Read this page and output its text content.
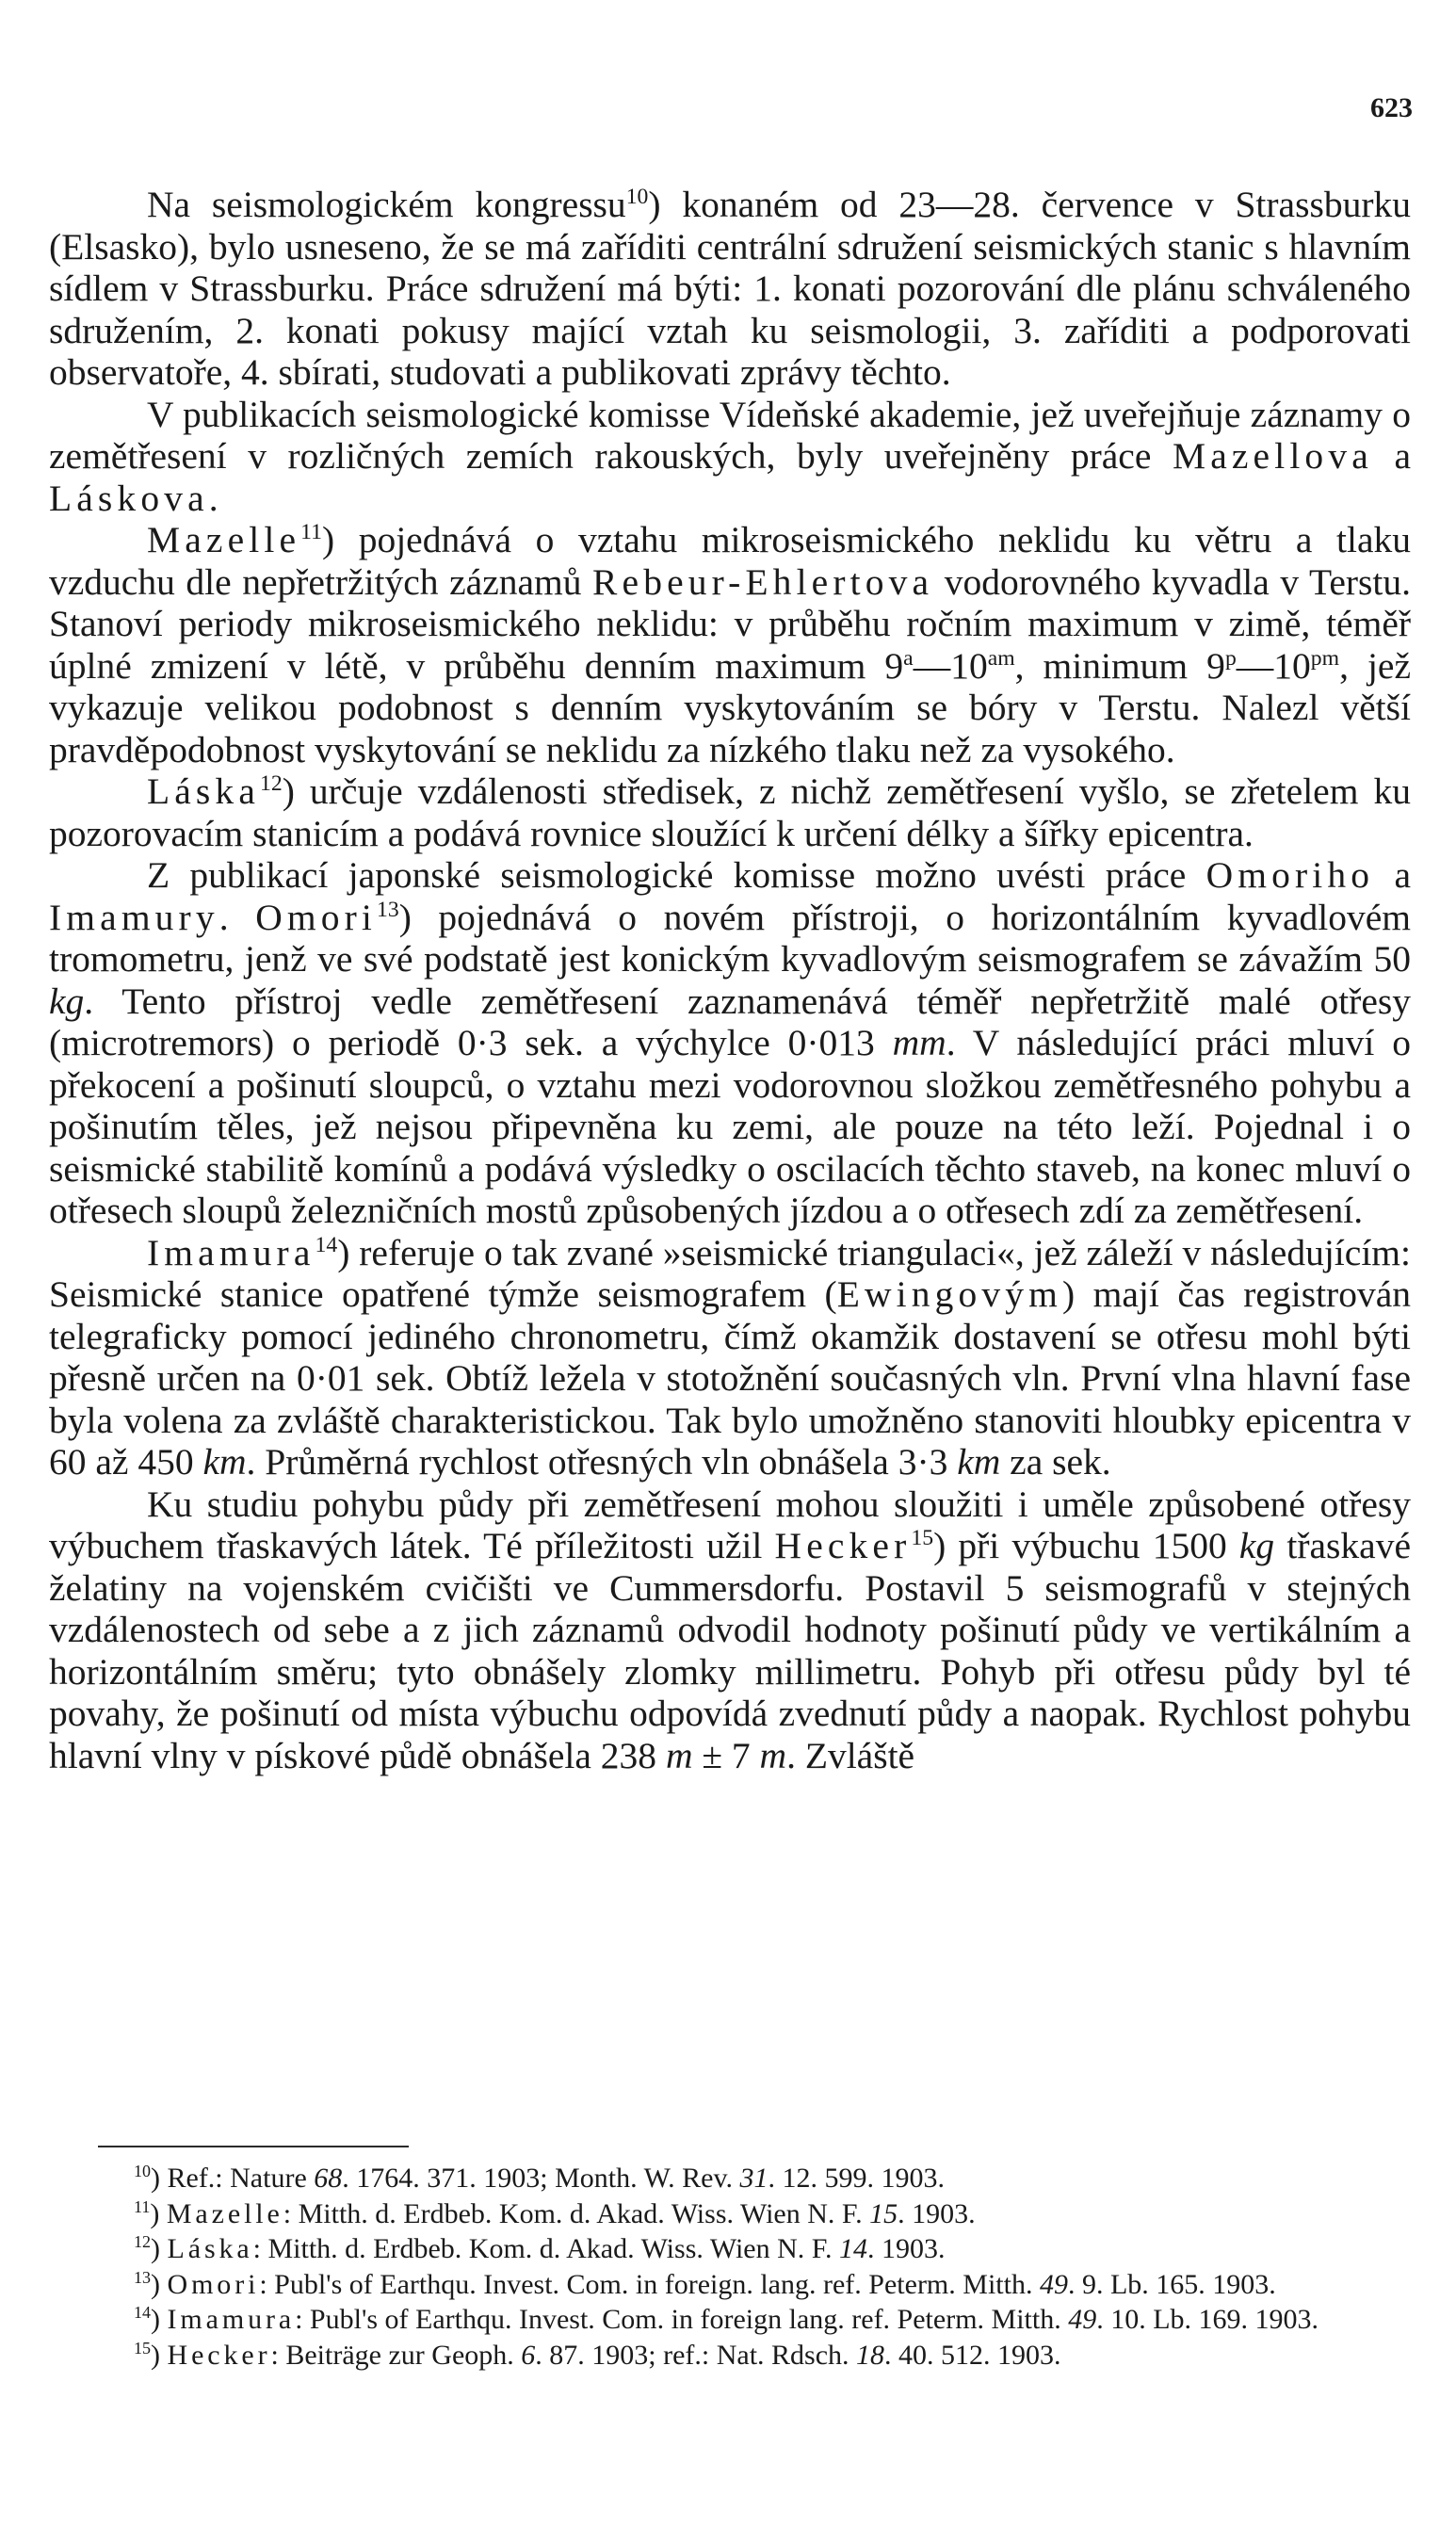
623

Na seismologickém kongressu$^{10}$) konaném od 23—28. července v Strassburku (Elsasko), bylo usneseno, že se má zaříditi centrální sdružení seismických stanic s hlavním sídlem v Strassburku. Práce sdružení má býti: 1. konati pozorování dle plánu schváleného sdružením, 2. konati pokusy mající vztah ku seismologii, 3. zaříditi a podporovati observatoře, 4. sbírati, studovati a publikovati zprávy těchto.

V publikacích seismologické komisse Vídeňské akademie, jež uveřejňuje záznamy o zemětřesení v rozličných zemích rakouských, byly uveřejněny práce Mazellova a Láskova.

Mazelle$^{11}$) pojednává o vztahu mikroseismického neklidu ku větru a tlaku vzduchu dle nepřetržitých záznamů Rebeur-Ehlertova vodorovného kyvadla v Terstu. Stanoví periody mikroseismického neklidu: v průběhu ročním maximum v zimě, téměř úplné zmizení v létě, v průběhu denním maximum $9^a—10^{am}$, minimum $9^p—10^{pm}$, jež vykazuje velikou podobnost s denním vyskytováním se bóry v Terstu. Nalezl větší pravděpodobnost vyskytování se neklidu za nízkého tlaku než za vysokého.

Láska$^{12}$) určuje vzdálenosti středisek, z nichž zemětřesení vyšlo, se zřetelem ku pozorovacím stanicím a podává rovnice sloužící k určení délky a šířky epicentra.

Z publikací japonské seismologické komisse možno uvésti práce Omoriho a Imamury. Omori$^{13}$) pojednává o novém přístroji, o horizontálním kyvadlovém tromometru, jenž ve své podstatě jest konickým kyvadlovým seismografem se závažím 50 kg. Tento přístroj vedle zemětřesení zaznamenává téměř nepřetržitě malé otřesy (microtremors) o periodě 0·3 sek. a výchylce 0·013 mm. V následující práci mluví o překocení a pošinutí sloupců, o vztahu mezi vodorovnou složkou zemětřesného pohybu a pošinutím těles, jež nejsou připevněna ku zemi, ale pouze na této leží. Pojednal i o seismické stabilitě komínů a podává výsledky o oscilacích těchto staveb, na konec mluví o otřesech sloupů železničních mostů způsobených jízdou a o otřesech zdí za zemětřesení.

Imamura$^{14}$) referuje o tak zvané »seismické triangulaci«, jež záleží v následujícím: Seismické stanice opatřené týmže seismografem (Ewingovým) mají čas registrován telegraficky pomocí jediného chronometru, čímž okamžik dostavení se otřesu mohl býti přesně určen na 0·01 sek. Obtíž ležela v stotožnění současných vln. První vlna hlavní fase byla volena za zvláště charakteristickou. Tak bylo umožněno stanoviti hloubky epicentra v 60 až 450 km. Průměrná rychlost otřesných vln obnášela 3·3 km za sek.

Ku studiu pohybu půdy při zemětřesení mohou sloužiti i uměle způsobené otřesy výbuchem třaskavých látek. Té příležitosti užil Hecker$^{15}$) při výbuchu 1500 kg třaskavé želatiny na vojenském cvičišti ve Cummersdorfu. Postavil 5 seismografů v stejných vzdálenostech od sebe a z jich záznamů odvodil hodnoty pošinutí půdy ve vertikálním a horizontálním směru; tyto obnášely zlomky millimetru. Pohyb při otřesu půdy byl té povahy, že pošinutí od místa výbuchu odpovídá zvednutí půdy a naopak. Rychlost pohybu hlavní vlny v pískové půdě obnášela 238 m ± 7 m. Zvláště

$^{10}$) Ref.: Nature 68. 1764. 371. 1903; Month. W. Rev. 31. 12. 599. 1903.

$^{11}$) Mazelle: Mitth. d. Erdbeb. Kom. d. Akad. Wiss. Wien N. F. 15. 1903.

$^{12}$) Láska: Mitth. d. Erdbeb. Kom. d. Akad. Wiss. Wien N. F. 14. 1903.

$^{13}$) Omori: Publ's of Earthqu. Invest. Com. in foreign. lang. ref. Peterm. Mitth. 49. 9. Lb. 165. 1903.

$^{14}$) Imamura: Publ's of Earthqu. Invest. Com. in foreign lang. ref. Peterm. Mitth. 49. 10. Lb. 169. 1903.

$^{15}$) Hecker: Beiträge zur Geoph. 6. 87. 1903; ref.: Nat. Rdsch. 18. 40. 512. 1903.
